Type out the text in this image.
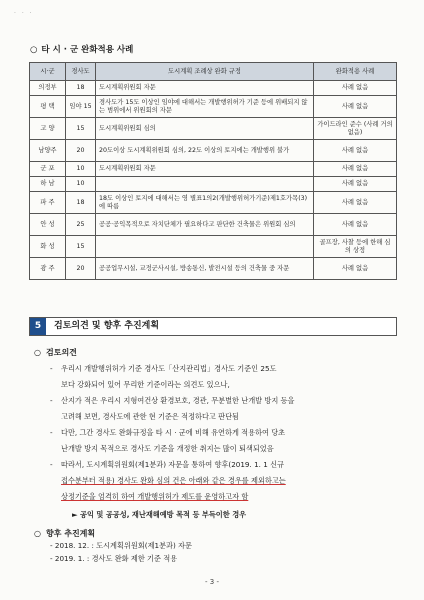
· · ·
○ 타 시 · 군 완화적용 사례
시·군	경사도	도시계획 조례상 완화 규정	완화적용 사례
의정부	18	도시계획위원회 자문	사례 없음
평 택	임야 15	경사도가 15도 이상인 임야에 대해서는 개발행위허가 기준 등에 위배되지 않는 범위에서 위원회의 자문	사례 없음
고 양	15	도시계획위원회 심의	가이드라인 준수 (사례 거의 없음)
남양주	20	20도이상 도시계획위원회 심의, 22도 이상의 토지에는 개발행위 불가	사례 없음
군 포	10	도시계획위원회 자문	사례 없음
하 남	10		사례 없음
파 주	18	18도 이상인 토지에 대해서는 영 별표1의2(개발행위허가기준)제1호가목(3)에 따름	사례 없음
안 성	25	공공·공익목적으로 자치단체가 필요하다고 판단한 건축물은 위원회 심의	사례 없음
화 성	15		골프장, 사찰 등에 한해 심의 상정
광 주	20	공공업무시설, 교정군사시설, 방송통신, 발전시설 등의 건축물 중 자문	사례 없음
5	검토의견 및 향후 추진계획
○ 검토의견
- 우리시 개발행위허가 기준 경사도「산지관리법」경사도 기준인 25도
보다 강화되어 있어 무리한 기준이라는 의견도 있으나,
- 산지가 적은 우리시 지형여건상 환경보호, 경관, 무분별한 난개발 방지 등을
고려해 보면, 경사도에 관한 현 기준은 적정하다고 판단됨
- 다만, 그간 경사도 완화규정을 타 시 · 군에 비해 유연하게 적용하여 당초
난개발 방지 목적으로 경사도 기준을 개정한 취지는 많이 퇴색되었음
- 따라서, 도시계획위원회(제1분과) 자문을 통하여 향후(2019. 1. 1 신규
접수분부터 적용) 경사도 완화 심의 건은 아래와 같은 경우를 제외하고는
상정기준을 엄격히 하여 개발행위허가 제도를 운영하고자 함
► 공익 및 공공성, 재난재해예방 목적 등 부득이한 경우
○ 향후 추진계획
- 2018. 12. : 도시계획위원회(제1분과) 자문
- 2019. 1. : 경사도 완화 제한 기준 적용
- 3 -
